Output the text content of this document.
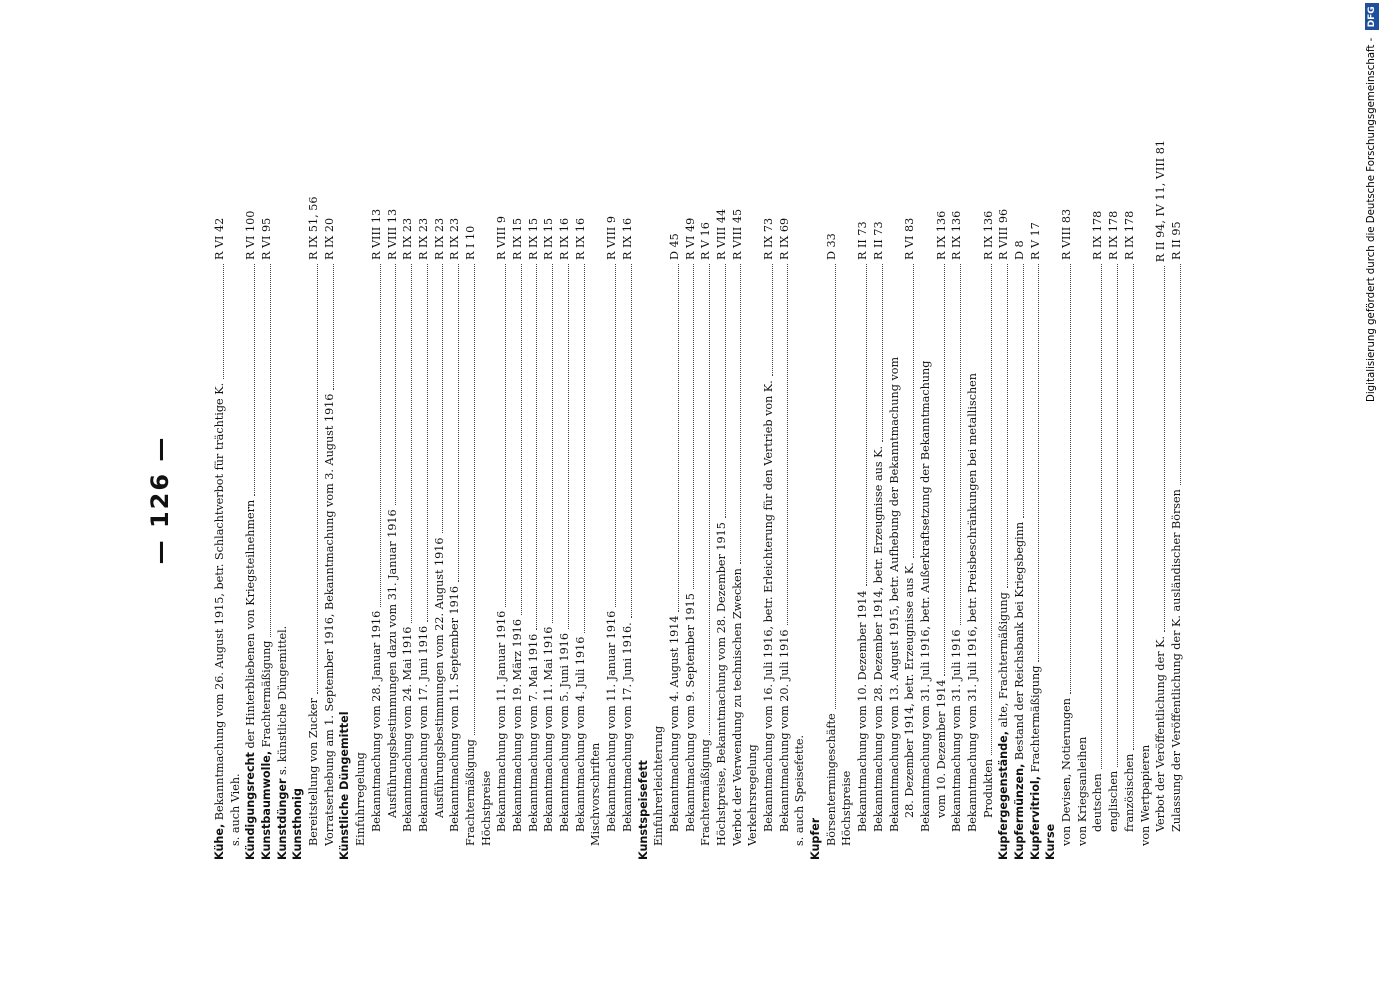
— 126 —
Kühe, Bekanntmachung vom 26. August 1915, betr. Schlachtverbot für trächtige K.
R VI 42
s. auch Vieh. Kündigungsrecht der Hinterbliebenen von Kriegsteilnehmern
R VI 100
Kunstbaumwolle, Frachtermäßigung
R VI 95
Kunstdünger s. künstliche Düngemittel.
Kunsthonig Bereitstellung von Zucker
R IX 51, 56
Vorratserhebung am 1. September 1916, Bekanntmachung vom 3. August 1916
R IX 20
Künstliche Düngemittel Einfuhrregelung Bekanntmachung vom 28. Januar 1916
R VIII 13
Ausführungsbestimmungen dazu vom 31. Januar 1916
R VIII 13
Bekanntmachung vom 24. Mai 1916
R IX 23
Bekanntmachung vom 17. Juni 1916
R IX 23
Ausführungsbestimmungen vom 22. August 1916
R IX 23
Bekanntmachung vom 11. September 1916
R IX 23
Frachtermäßigung
R I 10
Höchstpreise Bekanntmachung vom 11. Januar 1916
R VIII 9
Bekanntmachung vom 19. März 1916
R IX 15
Bekanntmachung vom 7. Mai 1916
R IX 15
Bekanntmachung vom 11. Mai 1916
R IX 15
Bekanntmachung vom 5. Juni 1916
R IX 16
Bekanntmachung vom 4. Juli 1916
R IX 16
Mischvorschriften Bekanntmachung vom 11. Januar 1916
R VIII 9
Bekanntmachung vom 17. Juni 1916.
R IX 16
Kunstspeisefett Einfuhrerleichterung Bekanntmachung vom 4. August 1914
D 45
Bekanntmachung vom 9. September 1915
R VI 49
Frachtermäßigung
R V 16
Höchstpreise, Bekanntmachung vom 28. Dezember 1915
R VIII 44
Verbot der Verwendung zu technischen Zwecken
R VIII 45
Verkehrsregelung Bekanntmachung vom 16. Juli 1916, betr. Erleichterung für den Vertrieb von K.
R IX 73
Bekanntmachung vom 20. Juli 1916
R IX 69
s. auch Speisefette. Kupfer Börsentermingeschäfte
D 33
Höchstpreise Bekanntmachung vom 10. Dezember 1914
R II 73
Bekanntmachung vom 28. Dezember 1914, betr. Erzeugnisse aus K.
R II 73
Bekanntmachung vom 13. August 1915, betr. Aufhebung der Bekanntmachung vom 28. Dezember 1914, betr. Erzeugnisse aus K.
R VI 83
Bekanntmachung vom 31. Juli 1916, betr. Außerkraftsetzung der Bekanntmachung vom 10. Dezember 1914
R IX 136
Bekanntmachung vom 31. Juli 1916
R IX 136
Bekanntmachung vom 31. Juli 1916, betr. Preisbeschränkungen bei metallischen Produkten
R IX 136
Kupfergegenstände, alte, Frachtermäßigung
R VIII 96
Kupfermünzen, Bestand der Reichsbank bei Kriegsbeginn
D 8
Kupfervitriol, Frachtermäßigung
R V 17
Kurse von Devisen, Notierungen
R VIII 83
von Kriegsanleihen deutschen
R IX 178
englischen
R IX 178
französischen
R IX 178
von Wertpapieren Verbot der Veröffentlichung der K.
R II 94, IV 11, VIII 81
Zulassung der Veröffentlichung der K. ausländischer Börsen
R II 95	Digitalisierung gefördert durch die Deutsche Forschungsgemeinschaft - DFG
